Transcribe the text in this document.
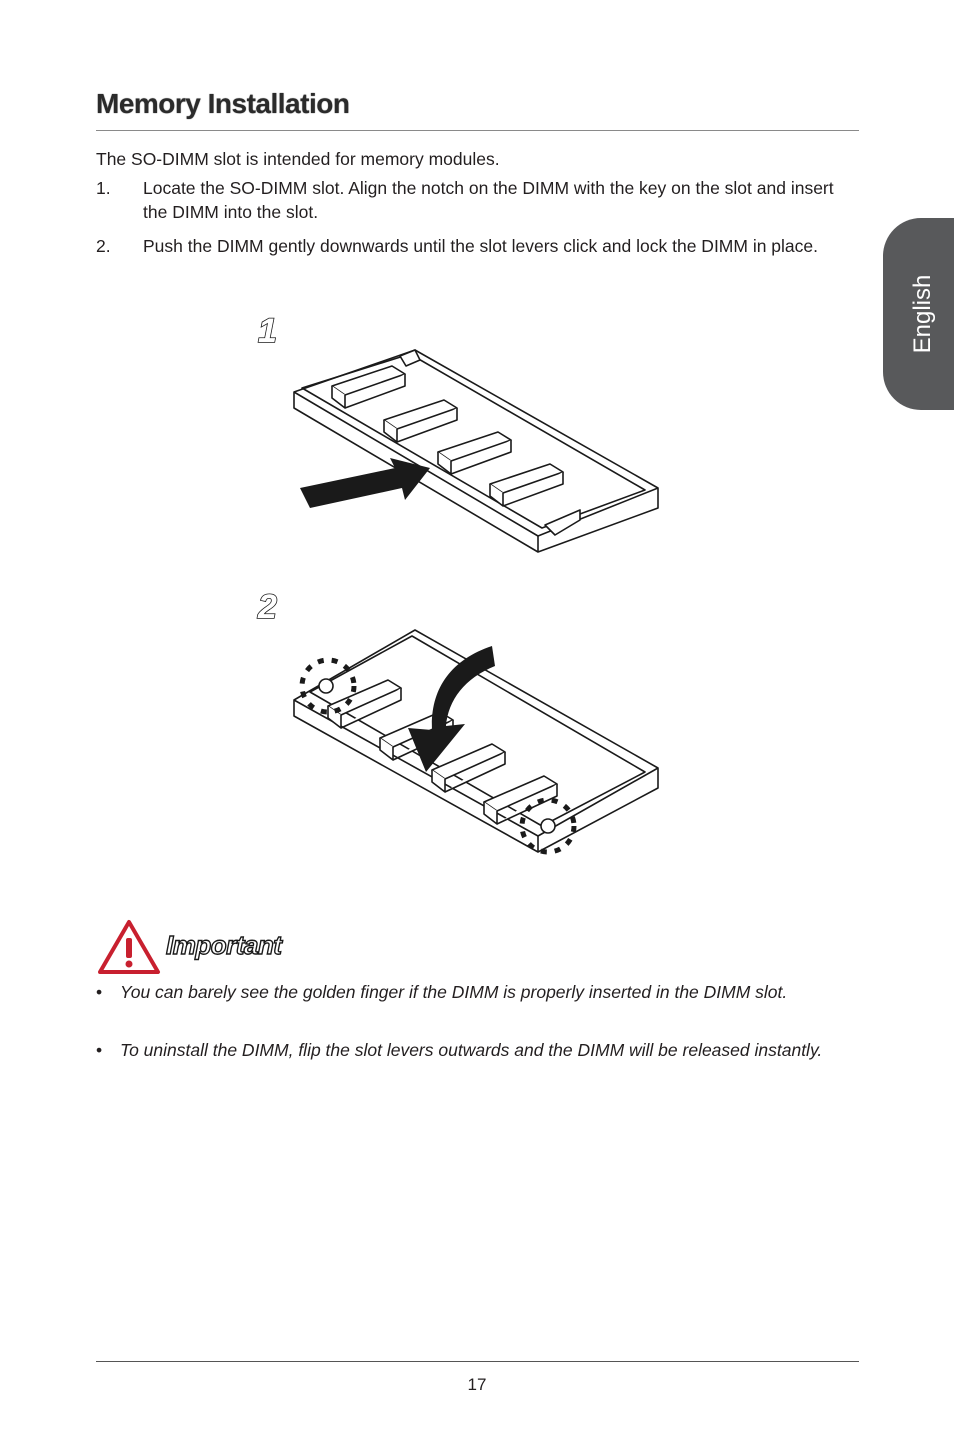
Memory Installation
English

The SO-DIMM slot is intended for memory modules.

1. Locate the SO-DIMM slot. Align the notch on the DIMM with the key on the slot and insert the DIMM into the slot.
2. Push the DIMM gently downwards until the slot levers click and lock the DIMM in place.
1
2
Important
• You can barely see the golden finger if the DIMM is properly inserted in the DIMM slot.
• To uninstall the DIMM, flip the slot levers outwards and the DIMM will be released instantly.
17
